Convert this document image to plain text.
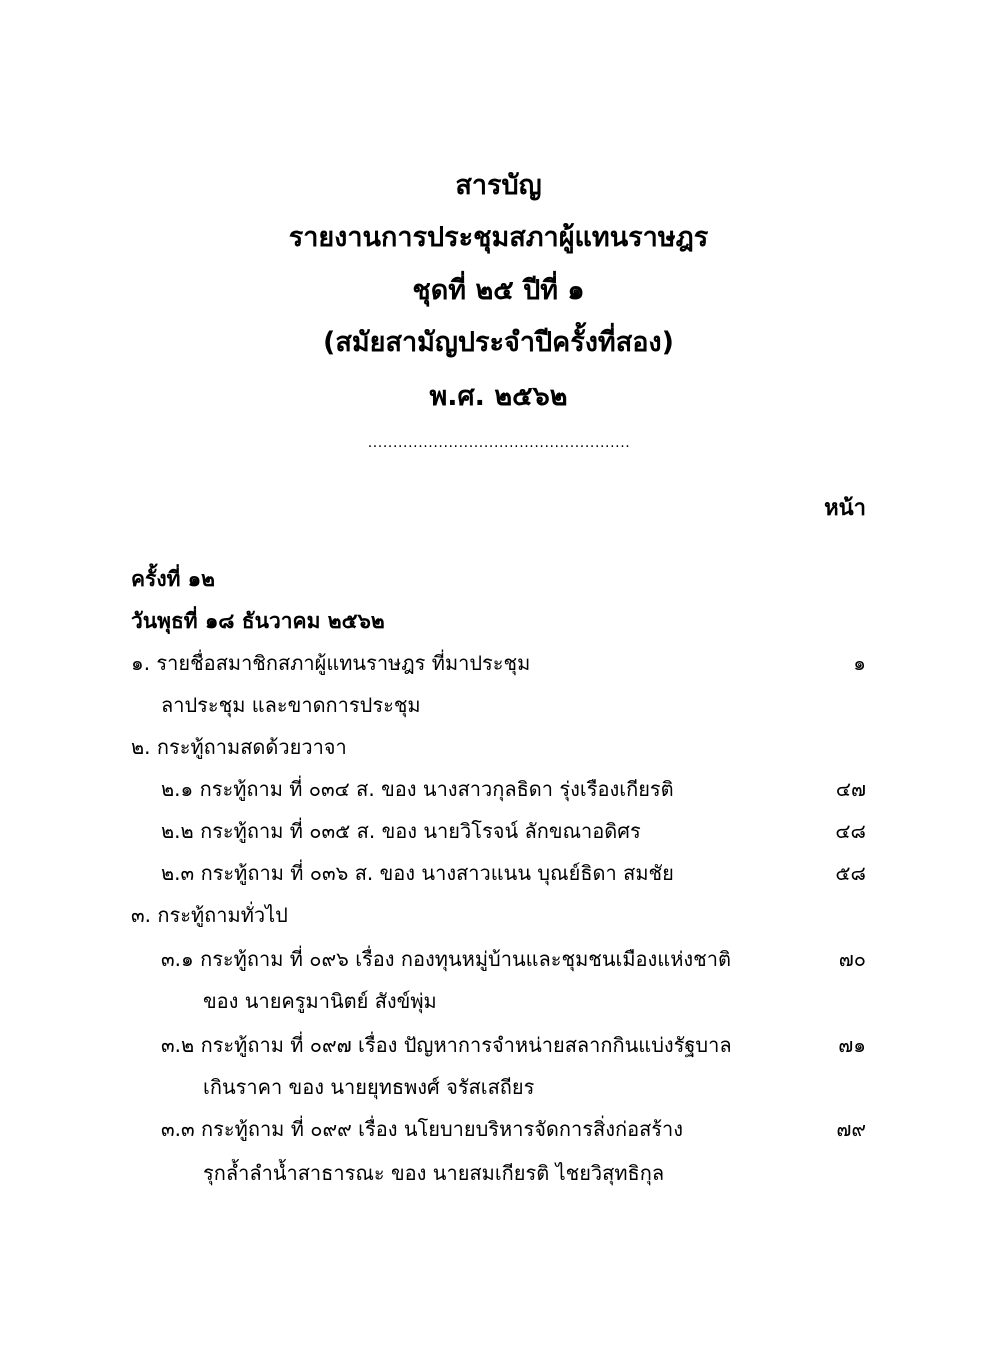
สารบัญ
รายงานการประชุมสภาผู้แทนราษฎร
ชุดที่ ๒๕ ปีที่ ๑
(สมัยสามัญประจำปีครั้งที่สอง)
พ.ศ. ๒๕๖๒
....................................................
หน้า
ครั้งที่ ๑๒
วันพุธที่ ๑๘ ธันวาคม ๒๕๖๒
๑. รายชื่อสมาชิกสภาผู้แทนราษฎร ที่มาประชุม	๑
ลาประชุม และขาดการประชุม
๒. กระทู้ถามสดด้วยวาจา
๒.๑ กระทู้ถาม ที่ ๐๓๔ ส. ของ นางสาวกุลธิดา รุ่งเรืองเกียรติ	๔๗
๒.๒ กระทู้ถาม ที่ ๐๓๕ ส. ของ นายวิโรจน์ ลักขณาอดิศร	๔๘
๒.๓ กระทู้ถาม ที่ ๐๓๖ ส. ของ นางสาวแนน บุณย์ธิดา สมชัย	๕๘
๓. กระทู้ถามทั่วไป
๓.๑ กระทู้ถาม ที่ ๐๙๖ เรื่อง กองทุนหมู่บ้านและชุมชนเมืองแห่งชาติ	๗๐
ของ นายครูมานิตย์ สังข์พุ่ม
๓.๒ กระทู้ถาม ที่ ๐๙๗ เรื่อง ปัญหาการจำหน่ายสลากกินแบ่งรัฐบาล	๗๑
เกินราคา ของ นายยุทธพงศ์ จรัสเสถียร
๓.๓ กระทู้ถาม ที่ ๐๙๙ เรื่อง นโยบายบริหารจัดการสิ่งก่อสร้าง	๗๙
รุกล้ำลำน้ำสาธารณะ ของ นายสมเกียรติ ไชยวิสุทธิกุล
